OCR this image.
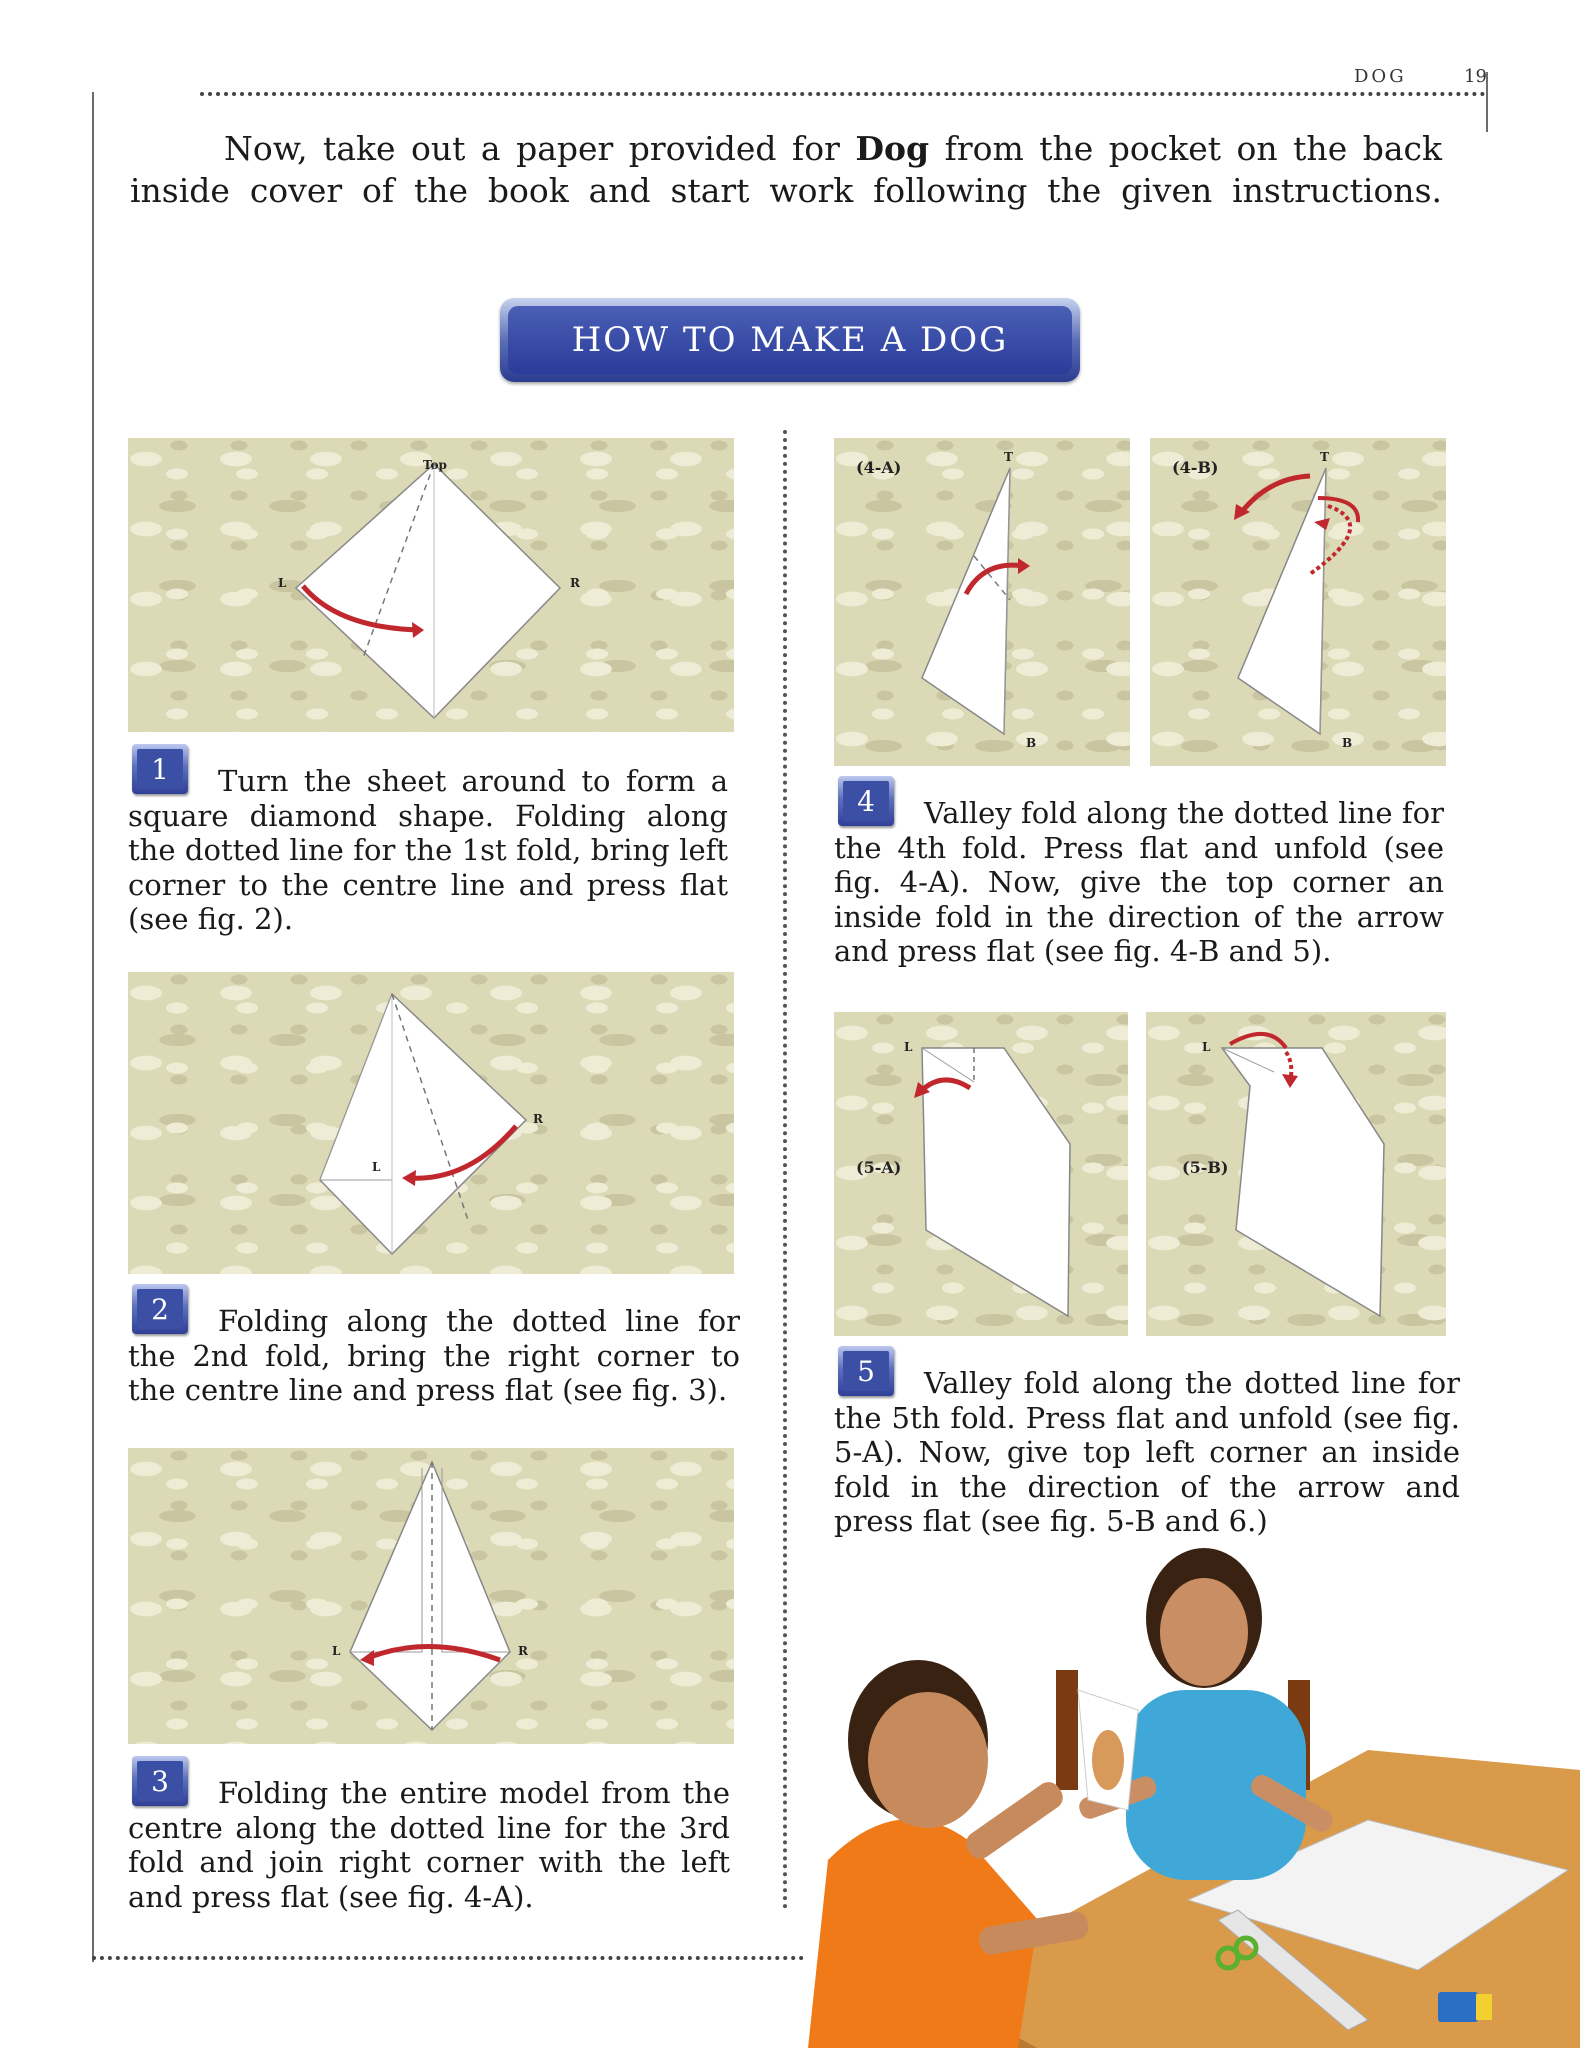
DOG	19
Now, take out a paper provided for Dog from the pocket on the back inside cover of the book and start work following the given instructions.
HOW TO MAKE A DOG
Top
L	R
1	Turn the sheet around to form a square diamond shape. Folding along the dotted line for the 1st fold, bring left corner to the centre line and press flat (see fig. 2).
L
R
2	Folding along the dotted line for the 2nd fold, bring the right corner to the centre line and press flat (see fig. 3).
L	R
3	Folding the entire model from the centre along the dotted line for the 3rd fold and join right corner with the left and press flat (see fig. 4-A).
(4-A)
T
B
(4-B)
T
B
4	Valley fold along the dotted line for the 4th fold. Press flat and unfold (see fig. 4-A). Now, give the top corner an inside fold in the direction of the arrow and press flat (see fig. 4-B and 5).
(5-A)
L
(5-B)
L
5	Valley fold along the dotted line for the 5th fold. Press flat and unfold (see fig. 5-A). Now, give top left corner an inside fold in the direction of the arrow and press flat (see fig. 5-B and 6.)
